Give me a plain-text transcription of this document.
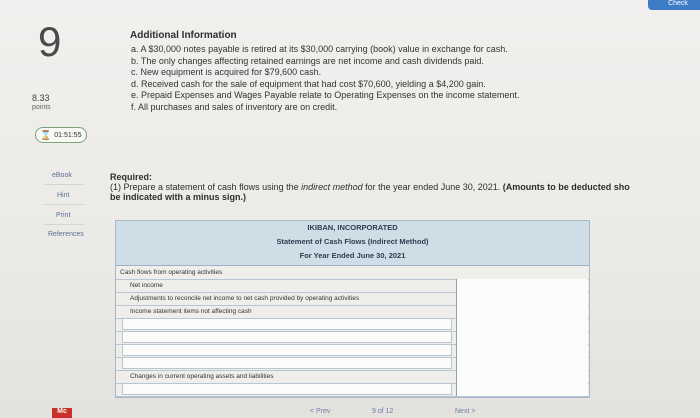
Check
9
8.33
points
⌛ 01:51:55
eBook
Hint
Print
References
Mc
Additional Information
a. A $30,000 notes payable is retired at its $30,000 carrying (book) value in exchange for cash.
b. The only changes affecting retained earnings are net income and cash dividends paid.
c. New equipment is acquired for $79,600 cash.
d. Received cash for the sale of equipment that had cost $70,600, yielding a $4,200 gain.
e. Prepaid Expenses and Wages Payable relate to Operating Expenses on the income statement.
f. All purchases and sales of inventory are on credit.
Required:
(1) Prepare a statement of cash flows using the indirect method for the year ended June 30, 2021. (Amounts to be deducted sho
be indicated with a minus sign.)
IKIBAN, INCORPORATED
Statement of Cash Flows (Indirect Method)
For Year Ended June 30, 2021
Cash flows from operating activities
Net income
Adjustments to reconcile net income to net cash provided by operating activities
Income statement items not affecting cash
Changes in current operating assets and liabilities
< Prev	9 of 12	Next >
